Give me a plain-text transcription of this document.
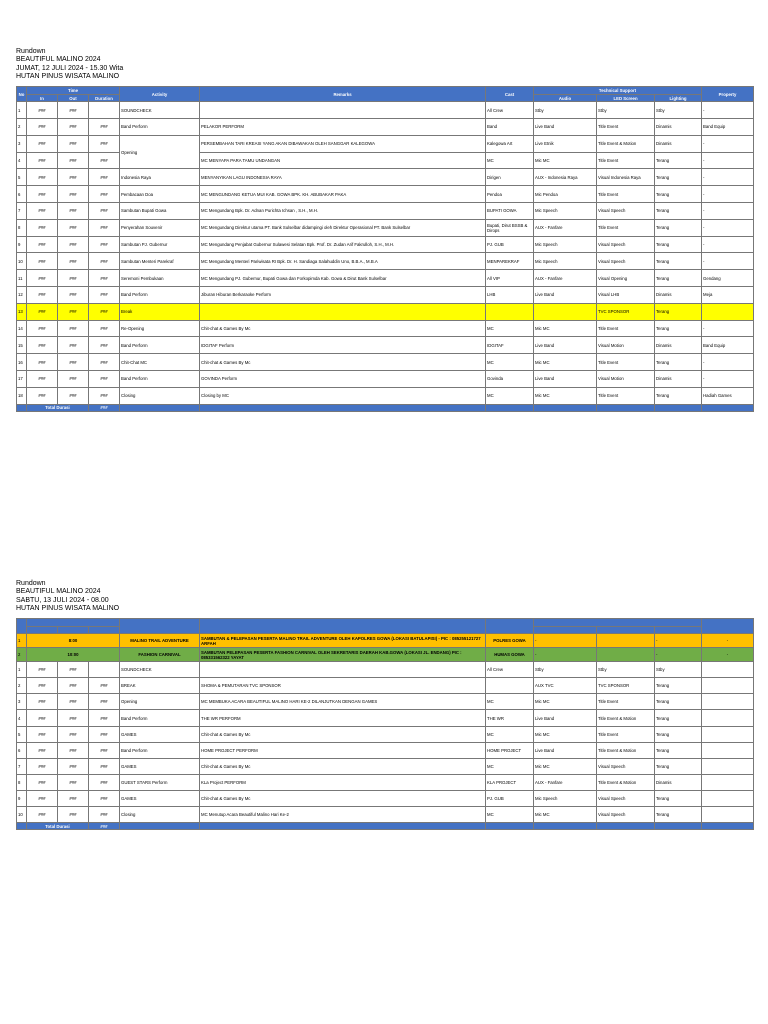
Rundown
BEAUTIFUL MALINO 2024
JUMAT, 12 JULI 2024 - 15.30 Wita
HUTAN PINUS WISATA MALINO
No	Time			Activity	Remarks	Cast	Technical Support			Property
	In	Out	Duration				Audio	LED Screen	Lighting	
1	###	###		SOUNDCHECK		All Crew	Stby	Stby	Stby	-
2	###	###	###	Band Perform	PELAKOR PERFORM	Band	Live Band	Title Event	Dinamis	Band Equip
3	###	###	###	Opening	PERSEMBAHAN TARI KREASI YANG AKAN DIBAWAKAN OLEH SANGGAR KALEGOWA	Kalegowa Art	Live Etnik	Title Event & Motion	Dinamis	-
4	###	###	###		MC MENYAPA PARA TAMU UNDANGAN	MC	Mic MC	Title Event	Terang	-
5	###	###	###	Indonesia Raya	MENYANYIKAN LAGU INDONESIA RAYA	Dirigen	AUX - Indonesia Raya	Visual Indonesia Raya	Terang	-
6	###	###	###	Pembacaan Doa	MC MENGUNDANG KETUA MUI KAB. GOWA BPK. KH. ABUBAKAR PAKA	Pendoa	Mic Pendoa	Title Event	Terang	-
7	###	###	###	Sambutan Bupati Gowa	MC Mengundang Bpk. Dr. Adnan Purichta Ichsan , S.H., M.H.	BUPATI GOWA	Mic Speech	Visual Speech	Terang	-
8	###	###	###	Penyerahan Souvenir	MC Mengundang Direktur utama PT. Bank Sulselbar didampingi oleh Direktur Operasional PT. Bank Sulselbar	Bupati, Dirut BSSB & Dirops	AUX - Fanfare	Title Event	Terang	-
9	###	###	###	Sambutan PJ. Gubernur	MC Mengundang Penjabat Gubernur Sulawesi Selatan Bpk. Prof. Dr. Zudan Arif Fakrulloh, S.H., M.H.	PJ. GUB	Mic Speech	Visual Speech	Terang	-
10	###	###	###	Sambutan Menteri Parekraf	MC Mengundang Menteri Pariwisata RI Bpk. Dr. H. Sandiaga Salahuddin Uno, B.B.A., M.B.A	MENPAREKRAF	Mic Speech	Visual Speech	Terang	-
11	###	###	###	Seremoni Pembukaan	MC Mengundang PJ. Gubernur, Bupati Gowa dan Forkopimda Kab. Gowa & Dirut Bank Sulselbar	All VIP	AUX - Fanfare	Visual Opening	Terang	Gendang
12	###	###	###	Band Perform	Jiburan Hiburan Berkaraoke Perform	LHB	Live Band	Visual LHB	Dinamis	Meja
13	###	###	###	Break				TVC SPONSOR	Terang	
14	###	###	###	Re-Opening	Chit-chat & Games By Mc	MC	Mic MC	Title Event	Terang	-
15	###	###	###	Band Perform	IDGITAF Perform	IDGITAF	Live Band	Visual Motion	Dinamis	Band Equip
16	###	###	###	Chit-Chat MC	Chit-chat & Games By Mc	MC	Mic MC	Title Event	Terang	-
17	###	###	###	Band Perform	GOVINDA Perform	Govinda	Live Band	Visual Motion	Dinamis	-
18	###	###	###	Closing	Closing by MC	MC	Mic MC	Title Event	Terang	Hadiah Games
	Total Durasi		###							
Rundown
BEAUTIFUL MALINO 2024
SABTU, 13 JULI 2024 - 08.00
HUTAN PINUS WISATA MALINO

1	8:00			MALINO TRAIL ADVENTURE	SAMBUTAN & PELEPASAN PESERTA MALINO TRAIL ADVENTURE OLEH KAPOLRES GOWA (LOKASI BATULAPISI) - PIC : 085255121727 ARFAH	POLRES GOWA	-		-	-
2	10:00			FASHION CARNIVAL	SAMBUTAN PELEPASAN PESERTA FASHION CARNIVAL OLEH SEKRETARIS DAERAH KAB.GOWA (LOKASI JL. ENDANG) PIC : 085331562322 YAYAT	HUMAS GOWA	-		-	-
1	###	###		SOUNDCHECK		All Crew	Stby	Stby	Stby	
2	###	###	###	BREAK	SHOMA & PEMUTARAN TVC SPONSOR		AUX TVC	TVC SPONSOR	Terang	
3	###	###	###	Opening	MC MEMBUKA ACARA BEAUTIFUL MALINO HARI KE-2 DILANJUTKAN DENGAN GAMES	MC	Mic MC	Title Event	Terang	
4	###	###	###	Band Perform	THE WR PERFORM	THE WR	Live Band	Title Event & Motion	Terang	
5	###	###	###	GAMES	Chit-chat & Games By Mc	MC	Mic MC	Title Event	Terang	
6	###	###	###	Band Perform	HOME PROJECT PERFORM	HOME PROJECT	Live Band	Title Event & Motion	Terang	
7	###	###	###	GAMES	Chit-chat & Games By Mc	MC	Mic MC	Visual Speech	Terang	
8	###	###	###	GUEST STARS Perform	KLa Project PERFORM	KLA PROJECT	AUX - Fanfare	Title Event & Motion	Dinamis	
9	###	###	###	GAMES	Chit-chat & Games By Mc	PJ. GUB	Mic Speech	Visual Speech	Terang	
10	###	###	###	Closing	MC Menutup Acara Beautiful Malino Hari Ke-2	MC	Mic MC	Visual Speech	Terang	
	Total Durasi		###							
